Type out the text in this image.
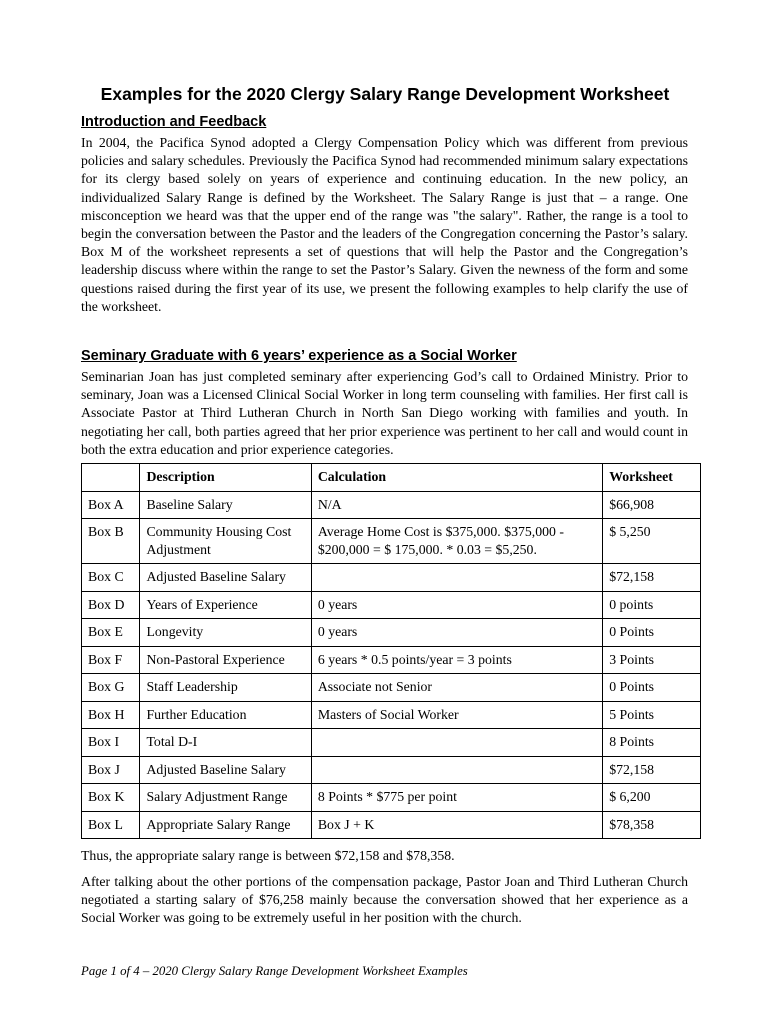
Examples for the 2020 Clergy Salary Range Development Worksheet
Introduction and Feedback

In 2004, the Pacifica Synod adopted a Clergy Compensation Policy which was different from previous policies and salary schedules. Previously the Pacifica Synod had recommended minimum salary expectations for its clergy based solely on years of experience and continuing education. In the new policy, an individualized Salary Range is defined by the Worksheet. The Salary Range is just that – a range. One misconception we heard was that the upper end of the range was "the salary". Rather, the range is a tool to begin the conversation between the Pastor and the leaders of the Congregation concerning the Pastor’s salary. Box M of the worksheet represents a set of questions that will help the Pastor and the Congregation’s leadership discuss where within the range to set the Pastor’s Salary. Given the newness of the form and some questions raised during the first year of its use, we present the following examples to help clarify the use of the worksheet.

Seminary Graduate with 6 years’ experience as a Social Worker

Seminarian Joan has just completed seminary after experiencing God’s call to Ordained Ministry. Prior to seminary, Joan was a Licensed Clinical Social Worker in long term counseling with families. Her first call is Associate Pastor at Third Lutheran Church in North San Diego working with families and youth. In negotiating her call, both parties agreed that her prior experience was pertinent to her call and would count in both the extra education and prior experience categories.

	Description	Calculation	Worksheet
Box A	Baseline Salary	N/A	$66,908
Box B	Community Housing Cost Adjustment	Average Home Cost is $375,000. $375,000 - $200,000 = $ 175,000. * 0.03 = $5,250.	$ 5,250
Box C	Adjusted Baseline Salary		$72,158
Box D	Years of Experience	0 years	0 points
Box E	Longevity	0 years	0 Points
Box F	Non-Pastoral Experience	6 years * 0.5 points/year = 3 points	3 Points
Box G	Staff Leadership	Associate not Senior	0 Points
Box H	Further Education	Masters of Social Worker	5 Points
Box I	Total D-I		8 Points
Box J	Adjusted Baseline Salary		$72,158
Box K	Salary Adjustment Range	8 Points * $775 per point	$ 6,200
Box L	Appropriate Salary Range	Box J + K	$78,358

Thus, the appropriate salary range is between $72,158 and $78,358.

After talking about the other portions of the compensation package, Pastor Joan and Third Lutheran Church negotiated a starting salary of $76,258 mainly because the conversation showed that her experience as a Social Worker was going to be extremely useful in her position with the church.

Page 1 of 4 – 2020 Clergy Salary Range Development Worksheet Examples
